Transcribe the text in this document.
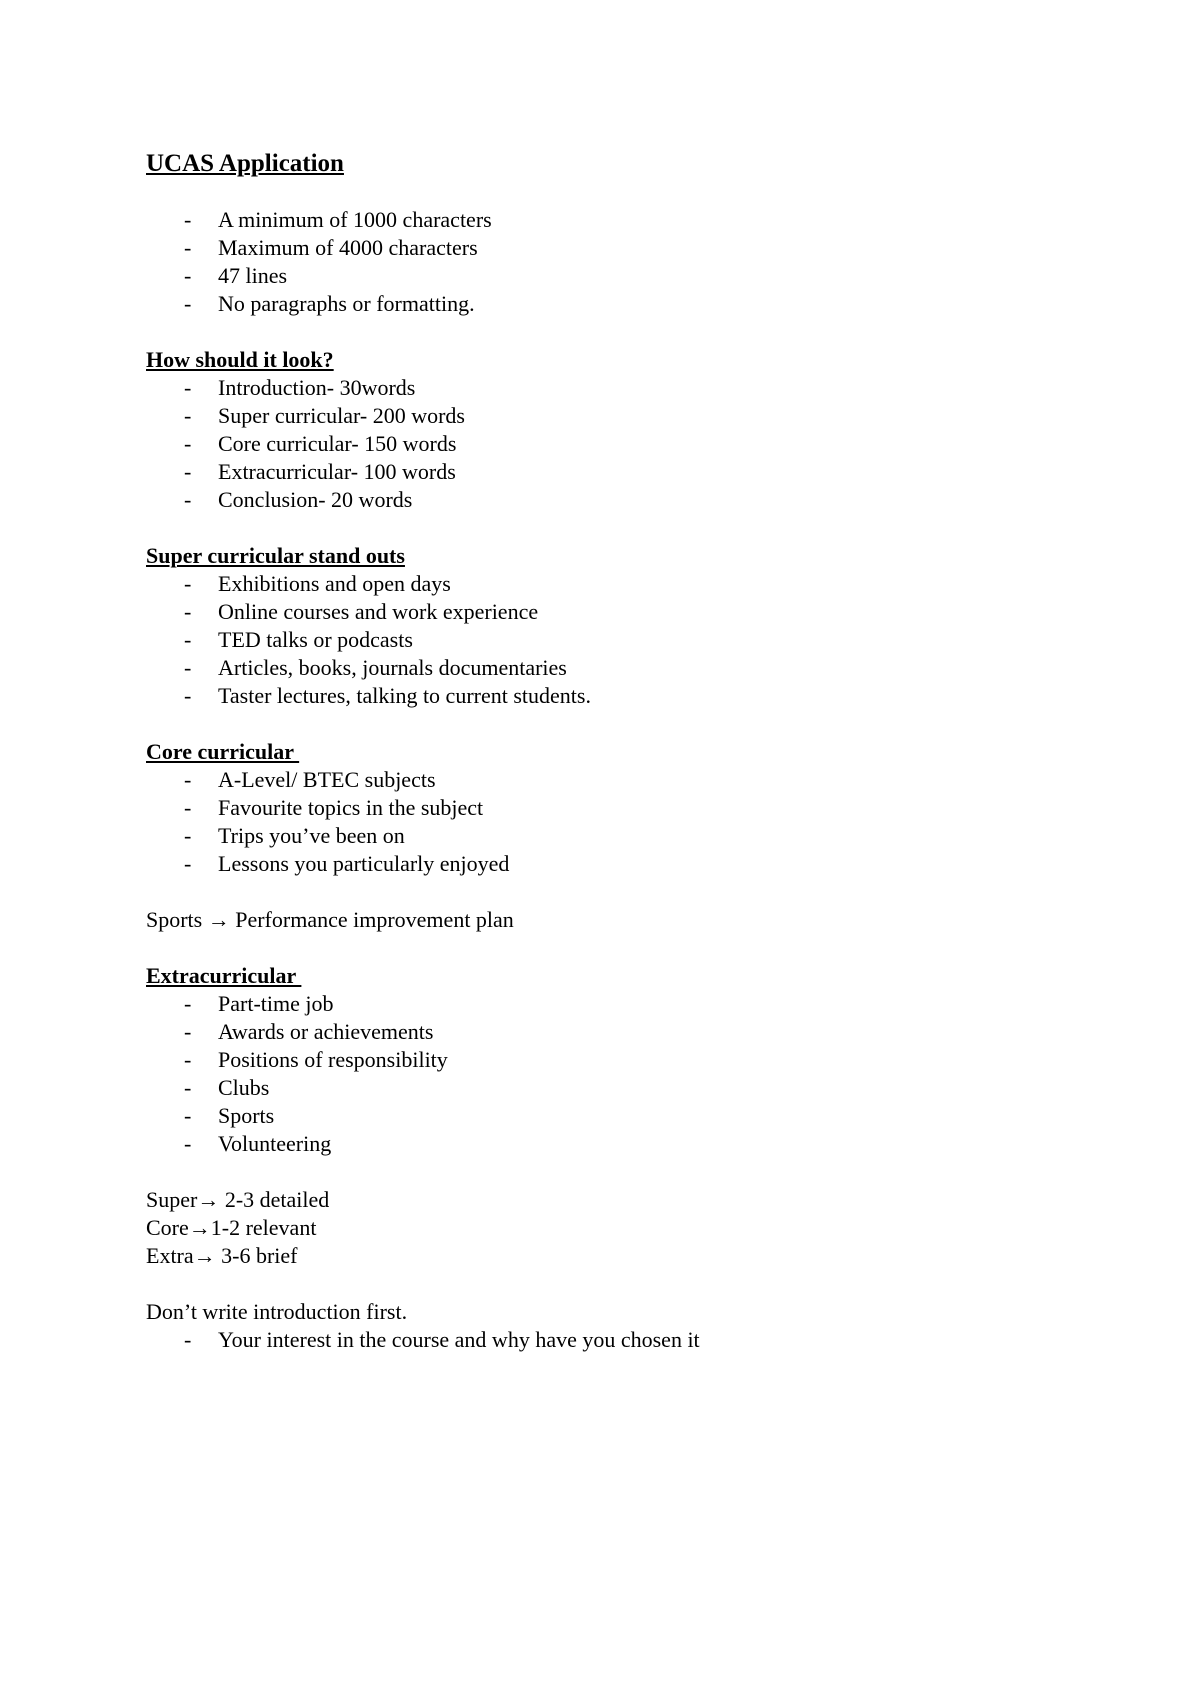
UCAS Application

- A minimum of 1000 characters
- Maximum of 4000 characters
- 47 lines
- No paragraphs or formatting.

How should it look?

- Introduction- 30words
- Super curricular- 200 words
- Core curricular- 150 words
- Extracurricular- 100 words
- Conclusion- 20 words

Super curricular stand outs

- Exhibitions and open days
- Online courses and work experience
- TED talks or podcasts
- Articles, books, journals documentaries
- Taster lectures, talking to current students.

Core curricular

- A-Level/ BTEC subjects
- Favourite topics in the subject
- Trips you’ve been on
- Lessons you particularly enjoyed

Sports → Performance improvement plan

Extracurricular

- Part-time job
- Awards or achievements
- Positions of responsibility
- Clubs
- Sports
- Volunteering

Super→ 2-3 detailed

Core→1-2 relevant

Extra→ 3-6 brief

Don’t write introduction first.

- Your interest in the course and why have you chosen it
